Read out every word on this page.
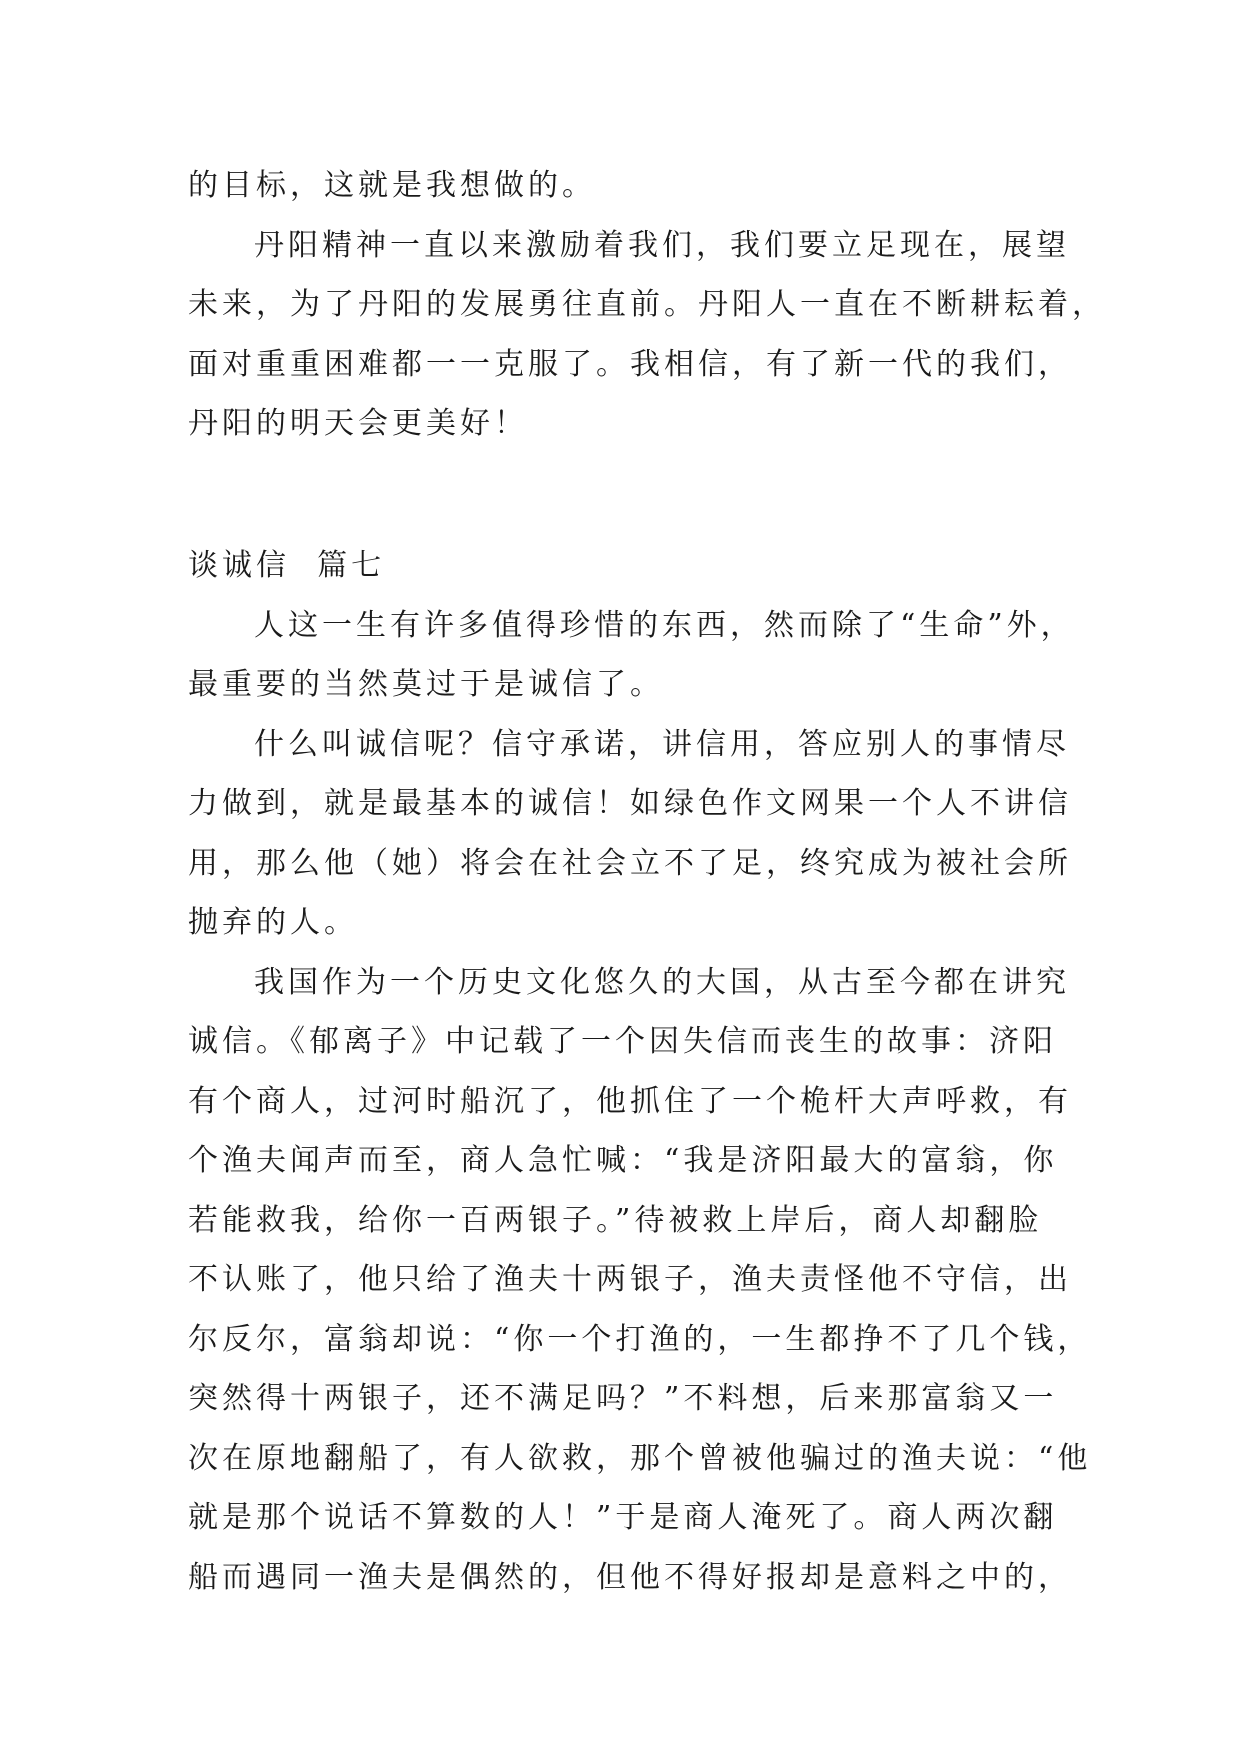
的目标，这就是我想做的。
丹阳精神一直以来激励着我们，我们要立足现在，展望
未来，为了丹阳的发展勇往直前。丹阳人一直在不断耕耘着，
面对重重困难都一一克服了。我相信，有了新一代的我们，
丹阳的明天会更美好！
谈诚信  篇七
人这一生有许多值得珍惜的东西，然而除了“生命”外，
最重要的当然莫过于是诚信了。
什么叫诚信呢？信守承诺，讲信用，答应别人的事情尽
力做到，就是最基本的诚信！如绿色作文网果一个人不讲信
用，那么他（她）将会在社会立不了足，终究成为被社会所
抛弃的人。
我国作为一个历史文化悠久的大国，从古至今都在讲究
诚信。《郁离子》中记载了一个因失信而丧生的故事：济阳
有个商人，过河时船沉了，他抓住了一个桅杆大声呼救，有
个渔夫闻声而至，商人急忙喊：“我是济阳最大的富翁，你
若能救我，给你一百两银子。”待被救上岸后，商人却翻脸
不认账了，他只给了渔夫十两银子，渔夫责怪他不守信，出
尔反尔，富翁却说：“你一个打渔的，一生都挣不了几个钱，
突然得十两银子，还不满足吗？”不料想，后来那富翁又一
次在原地翻船了，有人欲救，那个曾被他骗过的渔夫说：“他
就是那个说话不算数的人！”于是商人淹死了。商人两次翻
船而遇同一渔夫是偶然的，但他不得好报却是意料之中的，
